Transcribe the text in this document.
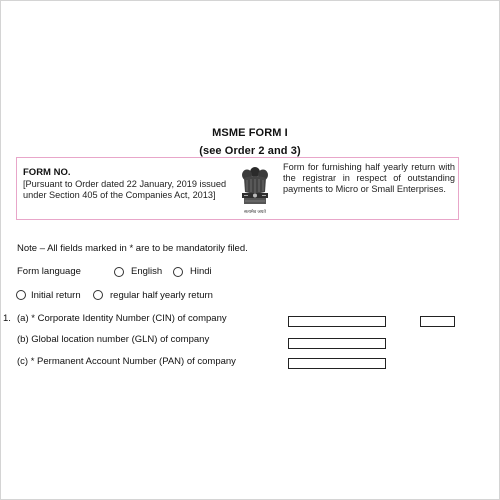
MSME FORM I
(see Order 2 and 3)
FORM NO.
[Pursuant to Order dated 22 January, 2019 issued under Section 405 of the Companies Act, 2013]
सत्यमेव जयते
Form for furnishing half yearly return with the registrar in respect of outstanding payments to Micro or Small Enterprises.
Note – All fields marked in * are to be mandatorily filed.
Form language	English	Hindi
Initial return	regular half yearly return
1. (a) * Corporate Identity Number (CIN) of company
(b) Global location number (GLN) of company
(c) * Permanent Account Number (PAN) of company
